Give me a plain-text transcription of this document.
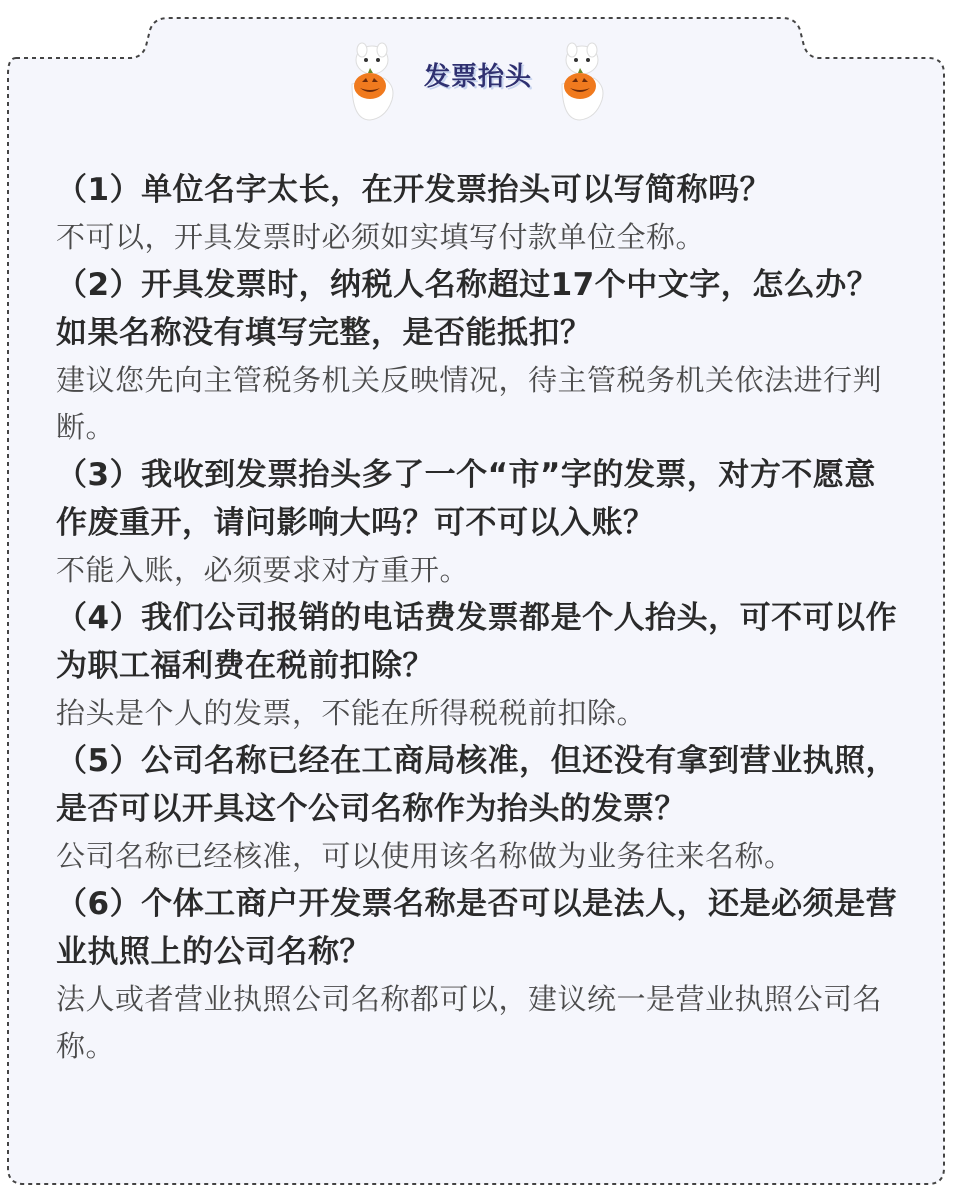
发票抬头
（1）单位名字太长，在开发票抬头可以写简称吗？
不可以，开具发票时必须如实填写付款单位全称。
（2）开具发票时，纳税人名称超过17个中文字，怎么办？如果名称没有填写完整，是否能抵扣？
建议您先向主管税务机关反映情况，待主管税务机关依法进行判断。
（3）我收到发票抬头多了一个“市”字的发票，对方不愿意作废重开，请问影响大吗？可不可以入账？
不能入账，必须要求对方重开。
（4）我们公司报销的电话费发票都是个人抬头，可不可以作为职工福利费在税前扣除？
抬头是个人的发票，不能在所得税税前扣除。
（5）公司名称已经在工商局核准，但还没有拿到营业执照，是否可以开具这个公司名称作为抬头的发票？
公司名称已经核准，可以使用该名称做为业务往来名称。
（6）个体工商户开发票名称是否可以是法人，还是必须是营业执照上的公司名称？
法人或者营业执照公司名称都可以，建议统一是营业执照公司名称。
